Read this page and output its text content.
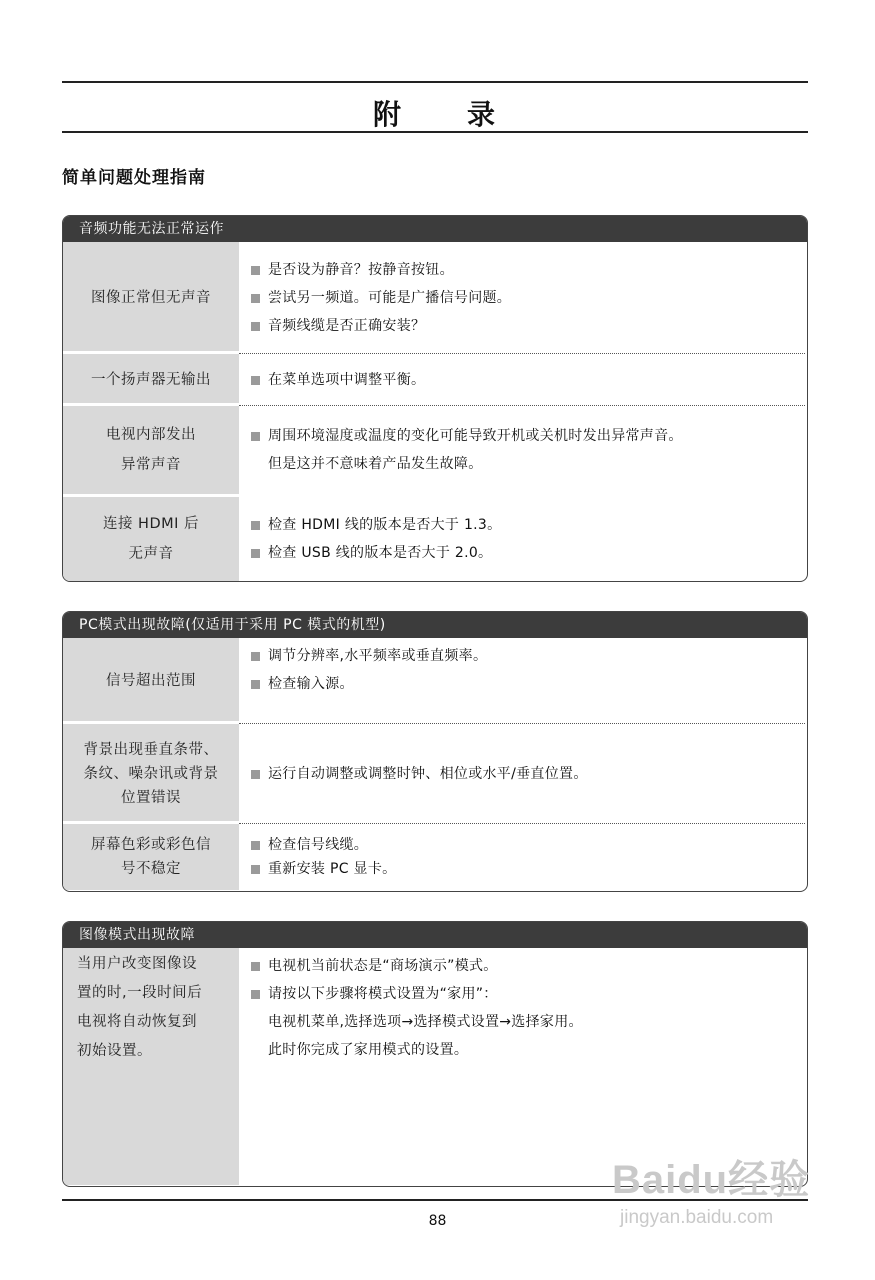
附 录
简单问题处理指南
音频功能无法正常运作
图像正常但无声音
是否设为静音？按静音按钮。
尝试另一频道。可能是广播信号问题。
音频线缆是否正确安装？
一个扬声器无输出	在菜单选项中调整平衡。
电视内部发出
异常声音
周围环境湿度或温度的变化可能导致开机或关机时发出异常声音。
但是这并不意味着产品发生故障。
连接 HDMI 后
无声音
检查 HDMI 线的版本是否大于 1.3。
检查 USB 线的版本是否大于 2.0。
PC模式出现故障(仅适用于采用 PC 模式的机型)
信号超出范围
调节分辨率,水平频率或垂直频率。
检查输入源。
背景出现垂直条带、
条纹、噪杂讯或背景
位置错误
运行自动调整或调整时钟、相位或水平/垂直位置。
屏幕色彩或彩色信
号不稳定
检查信号线缆。
重新安装 PC 显卡。
图像模式出现故障
当用户改变图像设
置的时,一段时间后
电视将自动恢复到
初始设置。
电视机当前状态是“商场演示”模式。
请按以下步骤将模式设置为“家用”：
电视机菜单,选择选项→选择模式设置→选择家用。
此时你完成了家用模式的设置。
88
Baidu经验
jingyan.baidu.com
